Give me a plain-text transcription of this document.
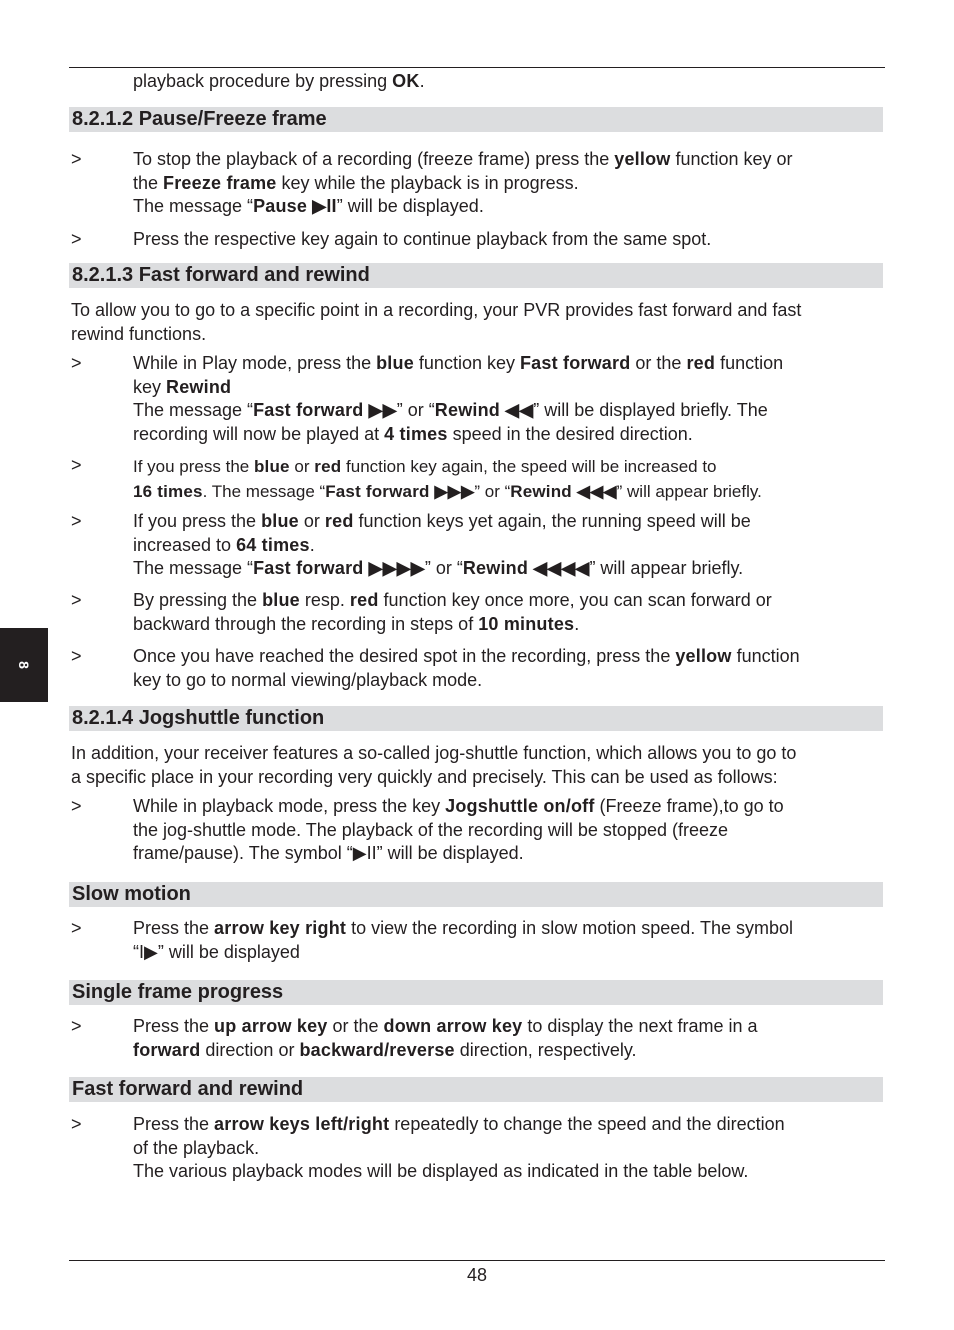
playback procedure by pressing OK.
8.2.1.2 Pause/Freeze frame
>	To stop the playback of a recording (freeze frame) press the yellow function key or
the Freeze frame key while the playback is in progress.
The message “Pause ▶II” will be displayed.
>	Press the respective key again to continue playback from the same spot.
8.2.1.3 Fast forward and rewind
To allow you to go to a specific point in a recording, your PVR provides fast forward and fast
rewind functions.
>	While in Play mode, press the blue function key Fast forward or the red function
key Rewind
The message “Fast forward ▶▶” or “Rewind ◀◀” will be displayed briefly. The
recording will now be played at 4 times speed in the desired direction.
>	If you press the blue or red function key again, the speed will be increased to
16 times. The message “Fast forward ▶▶▶” or “Rewind ◀◀◀” will appear briefly.
>	If you press the blue or red function keys yet again, the running speed will be
increased to 64 times.
The message “Fast forward ▶▶▶▶” or “Rewind ◀◀◀◀” will appear briefly.
>	By pressing the blue resp. red function key once more, you can scan forward or
backward through the recording in steps of 10 minutes.
>	Once you have reached the desired spot in the recording, press the yellow function
key to go to normal viewing/playback mode.
8.2.1.4 Jogshuttle function
In addition, your receiver features a so-called jog-shuttle function, which allows you to go to
a specific place in your recording very quickly and precisely. This can be used as follows:
>	While in playback mode, press the key Jogshuttle on/off (Freeze frame),to go to
the jog-shuttle mode. The playback of the recording will be stopped (freeze
frame/pause). The symbol “▶II” will be displayed.
Slow motion
>	Press the arrow key right to view the recording in slow motion speed. The symbol
“I▶” will be displayed
Single frame progress
>	Press the up arrow key or the down arrow key to display the next frame in a
forward direction or backward/reverse direction, respectively.
Fast forward and rewind
>	Press the arrow keys left/right repeatedly to change the speed and the direction
of the playback.
The various playback modes will be displayed as indicated in the table below.
8
48
